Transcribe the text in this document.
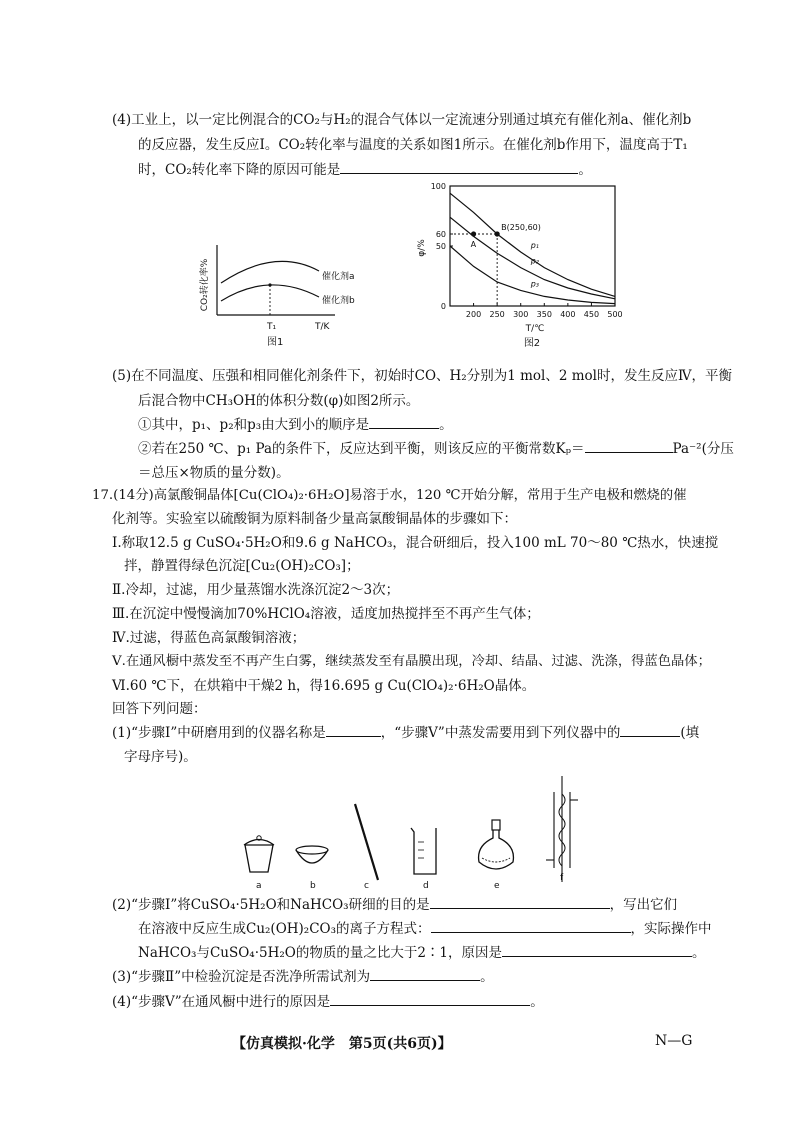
(4)工业上，以一定比例混合的CO₂与H₂的混合气体以一定流速分别通过填充有催化剂a、催化剂b
的反应器，发生反应Ⅰ。CO₂转化率与温度的关系如图1所示。在催化剂b作用下，温度高于T₁
时，CO₂转化率下降的原因可能是	。
CO₂转化率%	催化剂a
催化剂b
T₁	T/K
图1
φ/%
T/℃
图2
0
50
60
100
200 250 300 350 400 450 500
p₁
p₂
p₃
A
B(250,60)
(5)在不同温度、压强和相同催化剂条件下，初始时CO、H₂分别为1 mol、2 mol时，发生反应Ⅳ，平衡
后混合物中CH₃OH的体积分数(φ)如图2所示。
①其中，p₁、p₂和p₃由大到小的顺序是	。
②若在250 ℃、p₁ Pa的条件下，反应达到平衡，则该反应的平衡常数Kₚ＝	Pa⁻²(分压
＝总压×物质的量分数)。
17.(14分)高氯酸铜晶体[Cu(ClO₄)₂·6H₂O]易溶于水，120 ℃开始分解，常用于生产电极和燃烧的催
化剂等。实验室以硫酸铜为原料制备少量高氯酸铜晶体的步骤如下：
Ⅰ.称取12.5 g CuSO₄·5H₂O和9.6 g NaHCO₃，混合研细后，投入100 mL 70～80 ℃热水，快速搅
拌，静置得绿色沉淀[Cu₂(OH)₂CO₃]；
Ⅱ.冷却，过滤，用少量蒸馏水洗涤沉淀2～3次；
Ⅲ.在沉淀中慢慢滴加70%HClO₄溶液，适度加热搅拌至不再产生气体；
Ⅳ.过滤，得蓝色高氯酸铜溶液；
Ⅴ.在通风橱中蒸发至不再产生白雾，继续蒸发至有晶膜出现，冷却、结晶、过滤、洗涤，得蓝色晶体；
Ⅵ.60 ℃下，在烘箱中干燥2 h，得16.695 g Cu(ClO₄)₂·6H₂O晶体。
回答下列问题：
(1)“步骤Ⅰ”中研磨用到的仪器名称是	，“步骤Ⅴ”中蒸发需要用到下列仪器中的	(填
字母序号)。
a	b	c	d	e
f
(2)“步骤Ⅰ”将CuSO₄·5H₂O和NaHCO₃研细的目的是	，写出它们
在溶液中反应生成Cu₂(OH)₂CO₃的离子方程式：	，实际操作中
NaHCO₃与CuSO₄·5H₂O的物质的量之比大于2∶1，原因是	。
(3)“步骤Ⅱ”中检验沉淀是否洗净所需试剂为	。
(4)“步骤Ⅴ”在通风橱中进行的原因是	。
【仿真模拟·化学　第5页(共6页)】	N—G
